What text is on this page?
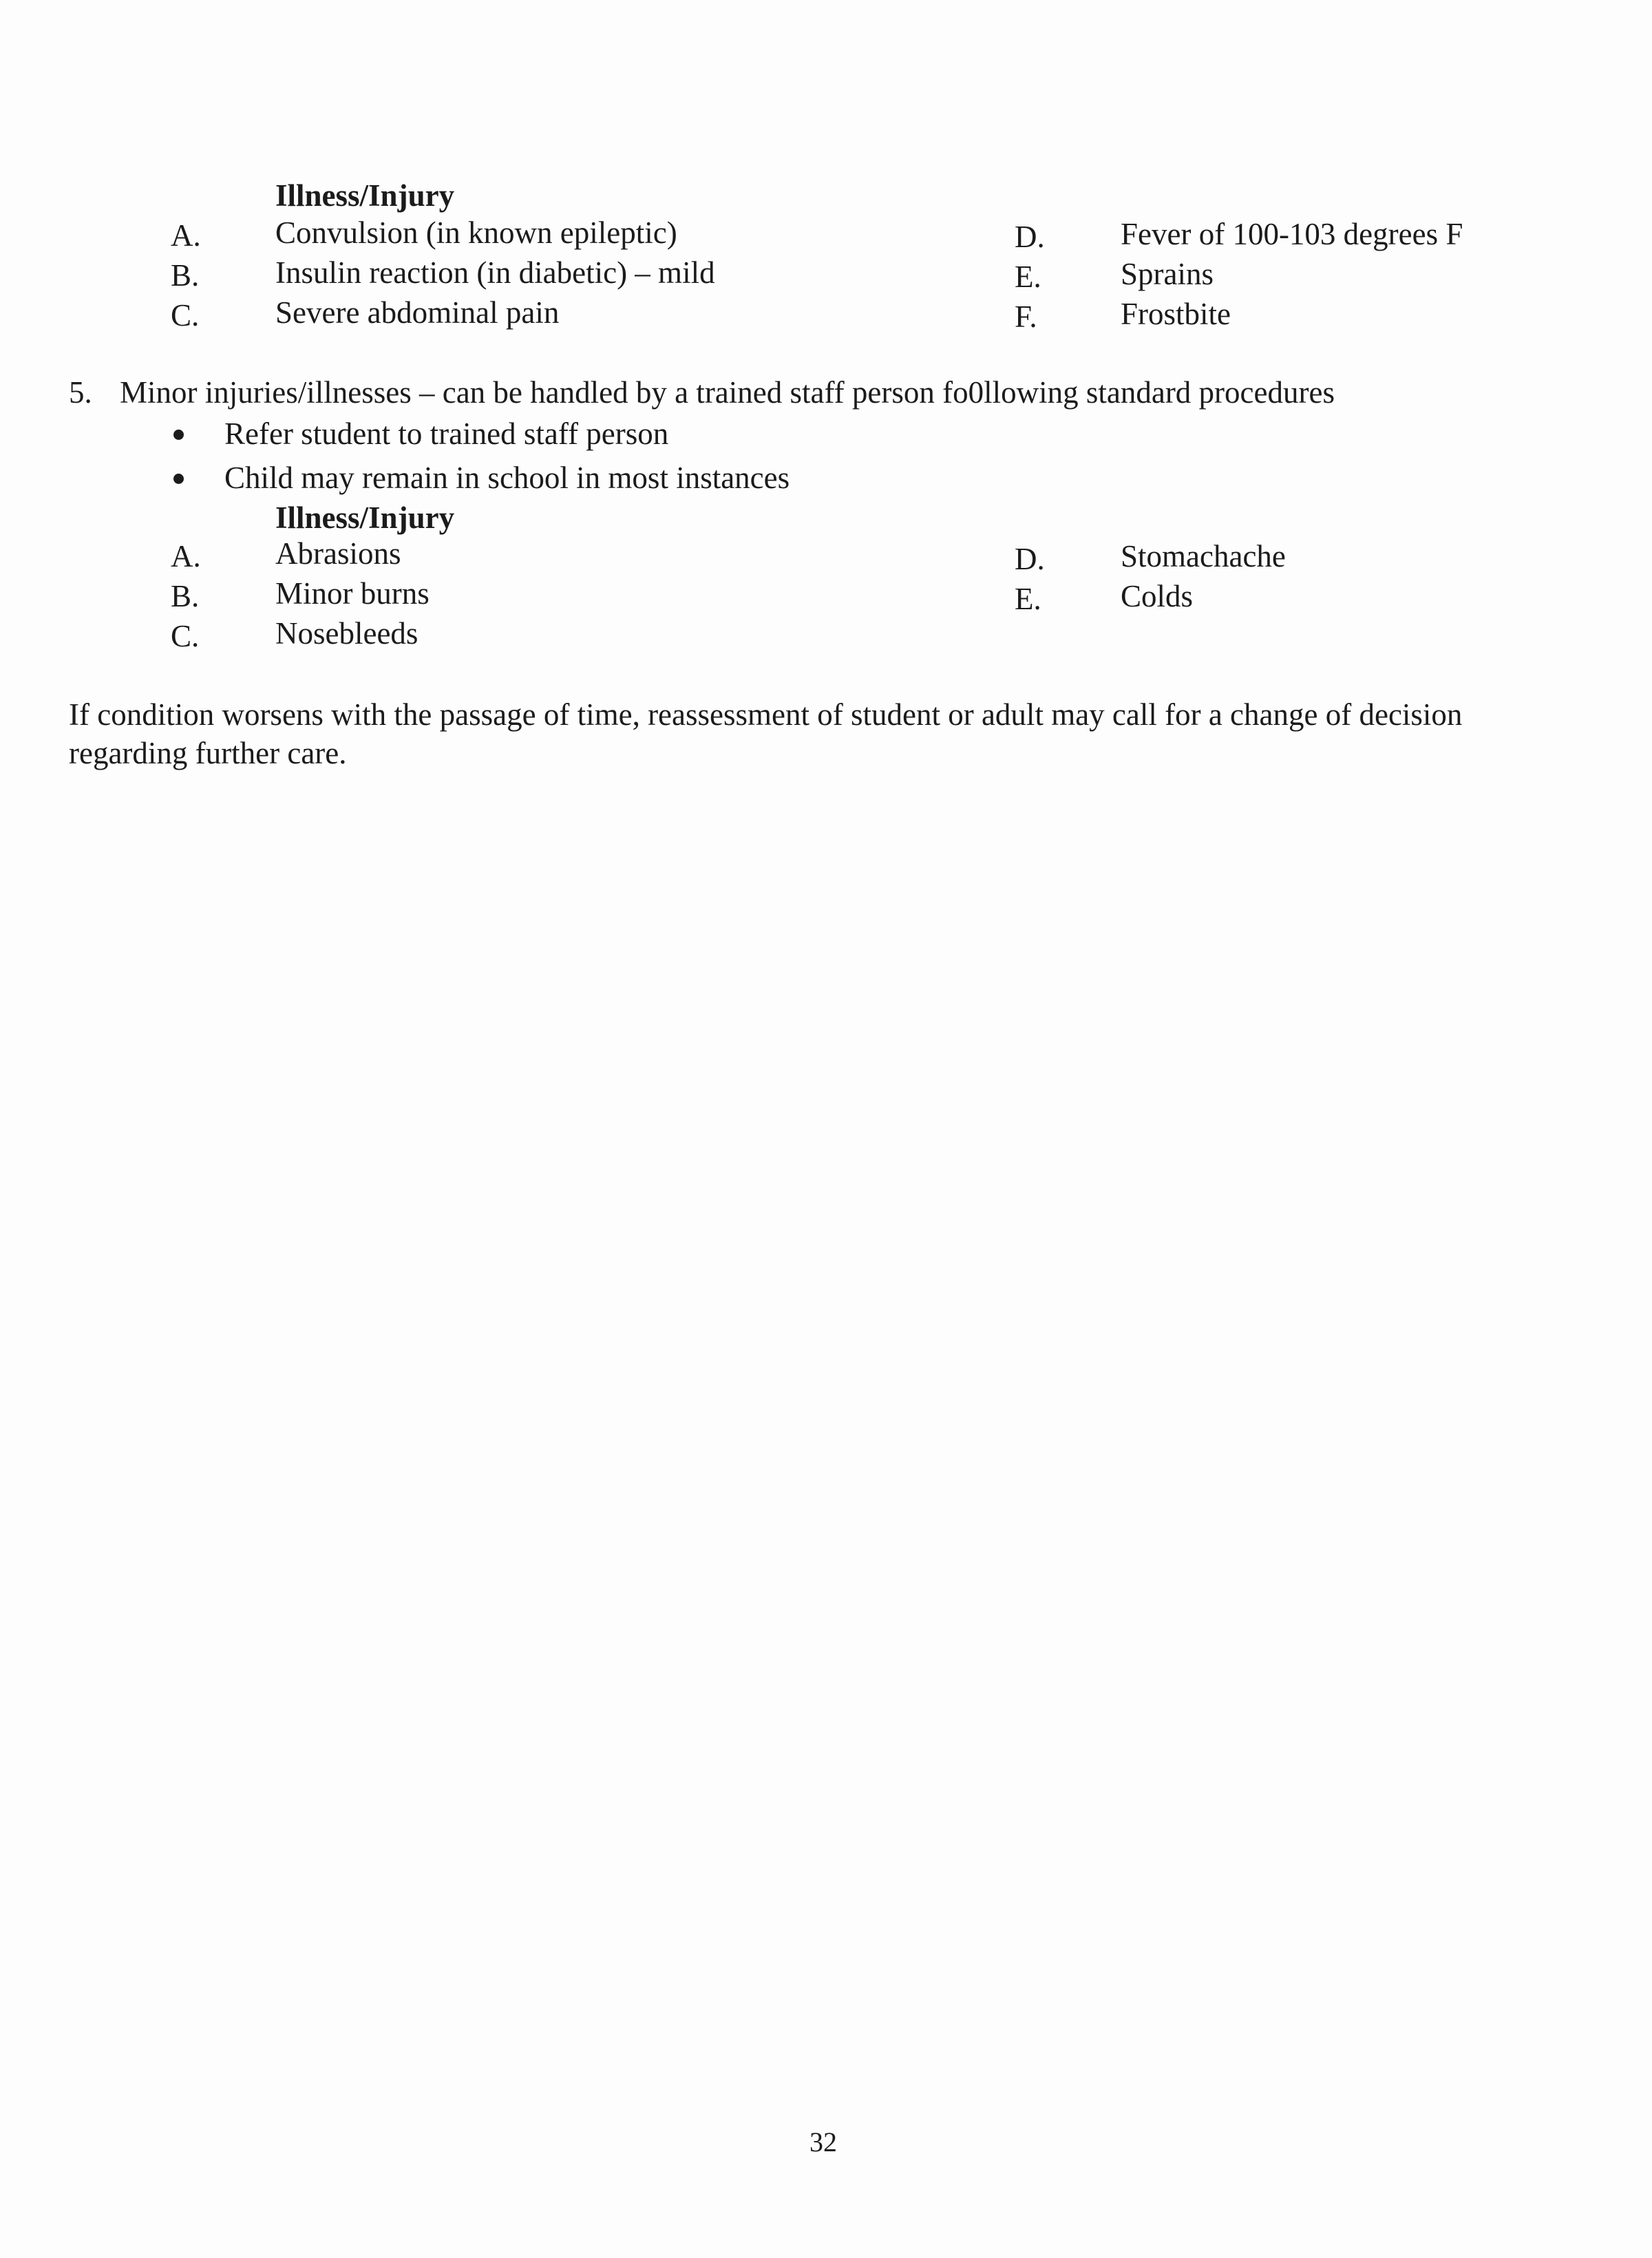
Illness/Injury
A. Convulsion (in known epileptic)
B. Insulin reaction (in diabetic) – mild
C. Severe abdominal pain
D. Fever of 100-103 degrees F
E.	Sprains
F.	Frostbite
5. Minor injuries/illnesses – can be handled by a trained staff person fo0llowing standard procedures
Refer student to trained staff person
Child may remain in school in most instances
Illness/Injury
A. Abrasions
B. Minor burns
C. Nosebleeds
D. Stomachache
E.	Colds
If condition worsens with the passage of time, reassessment of student or adult may call for a change of decision regarding further care.
32
